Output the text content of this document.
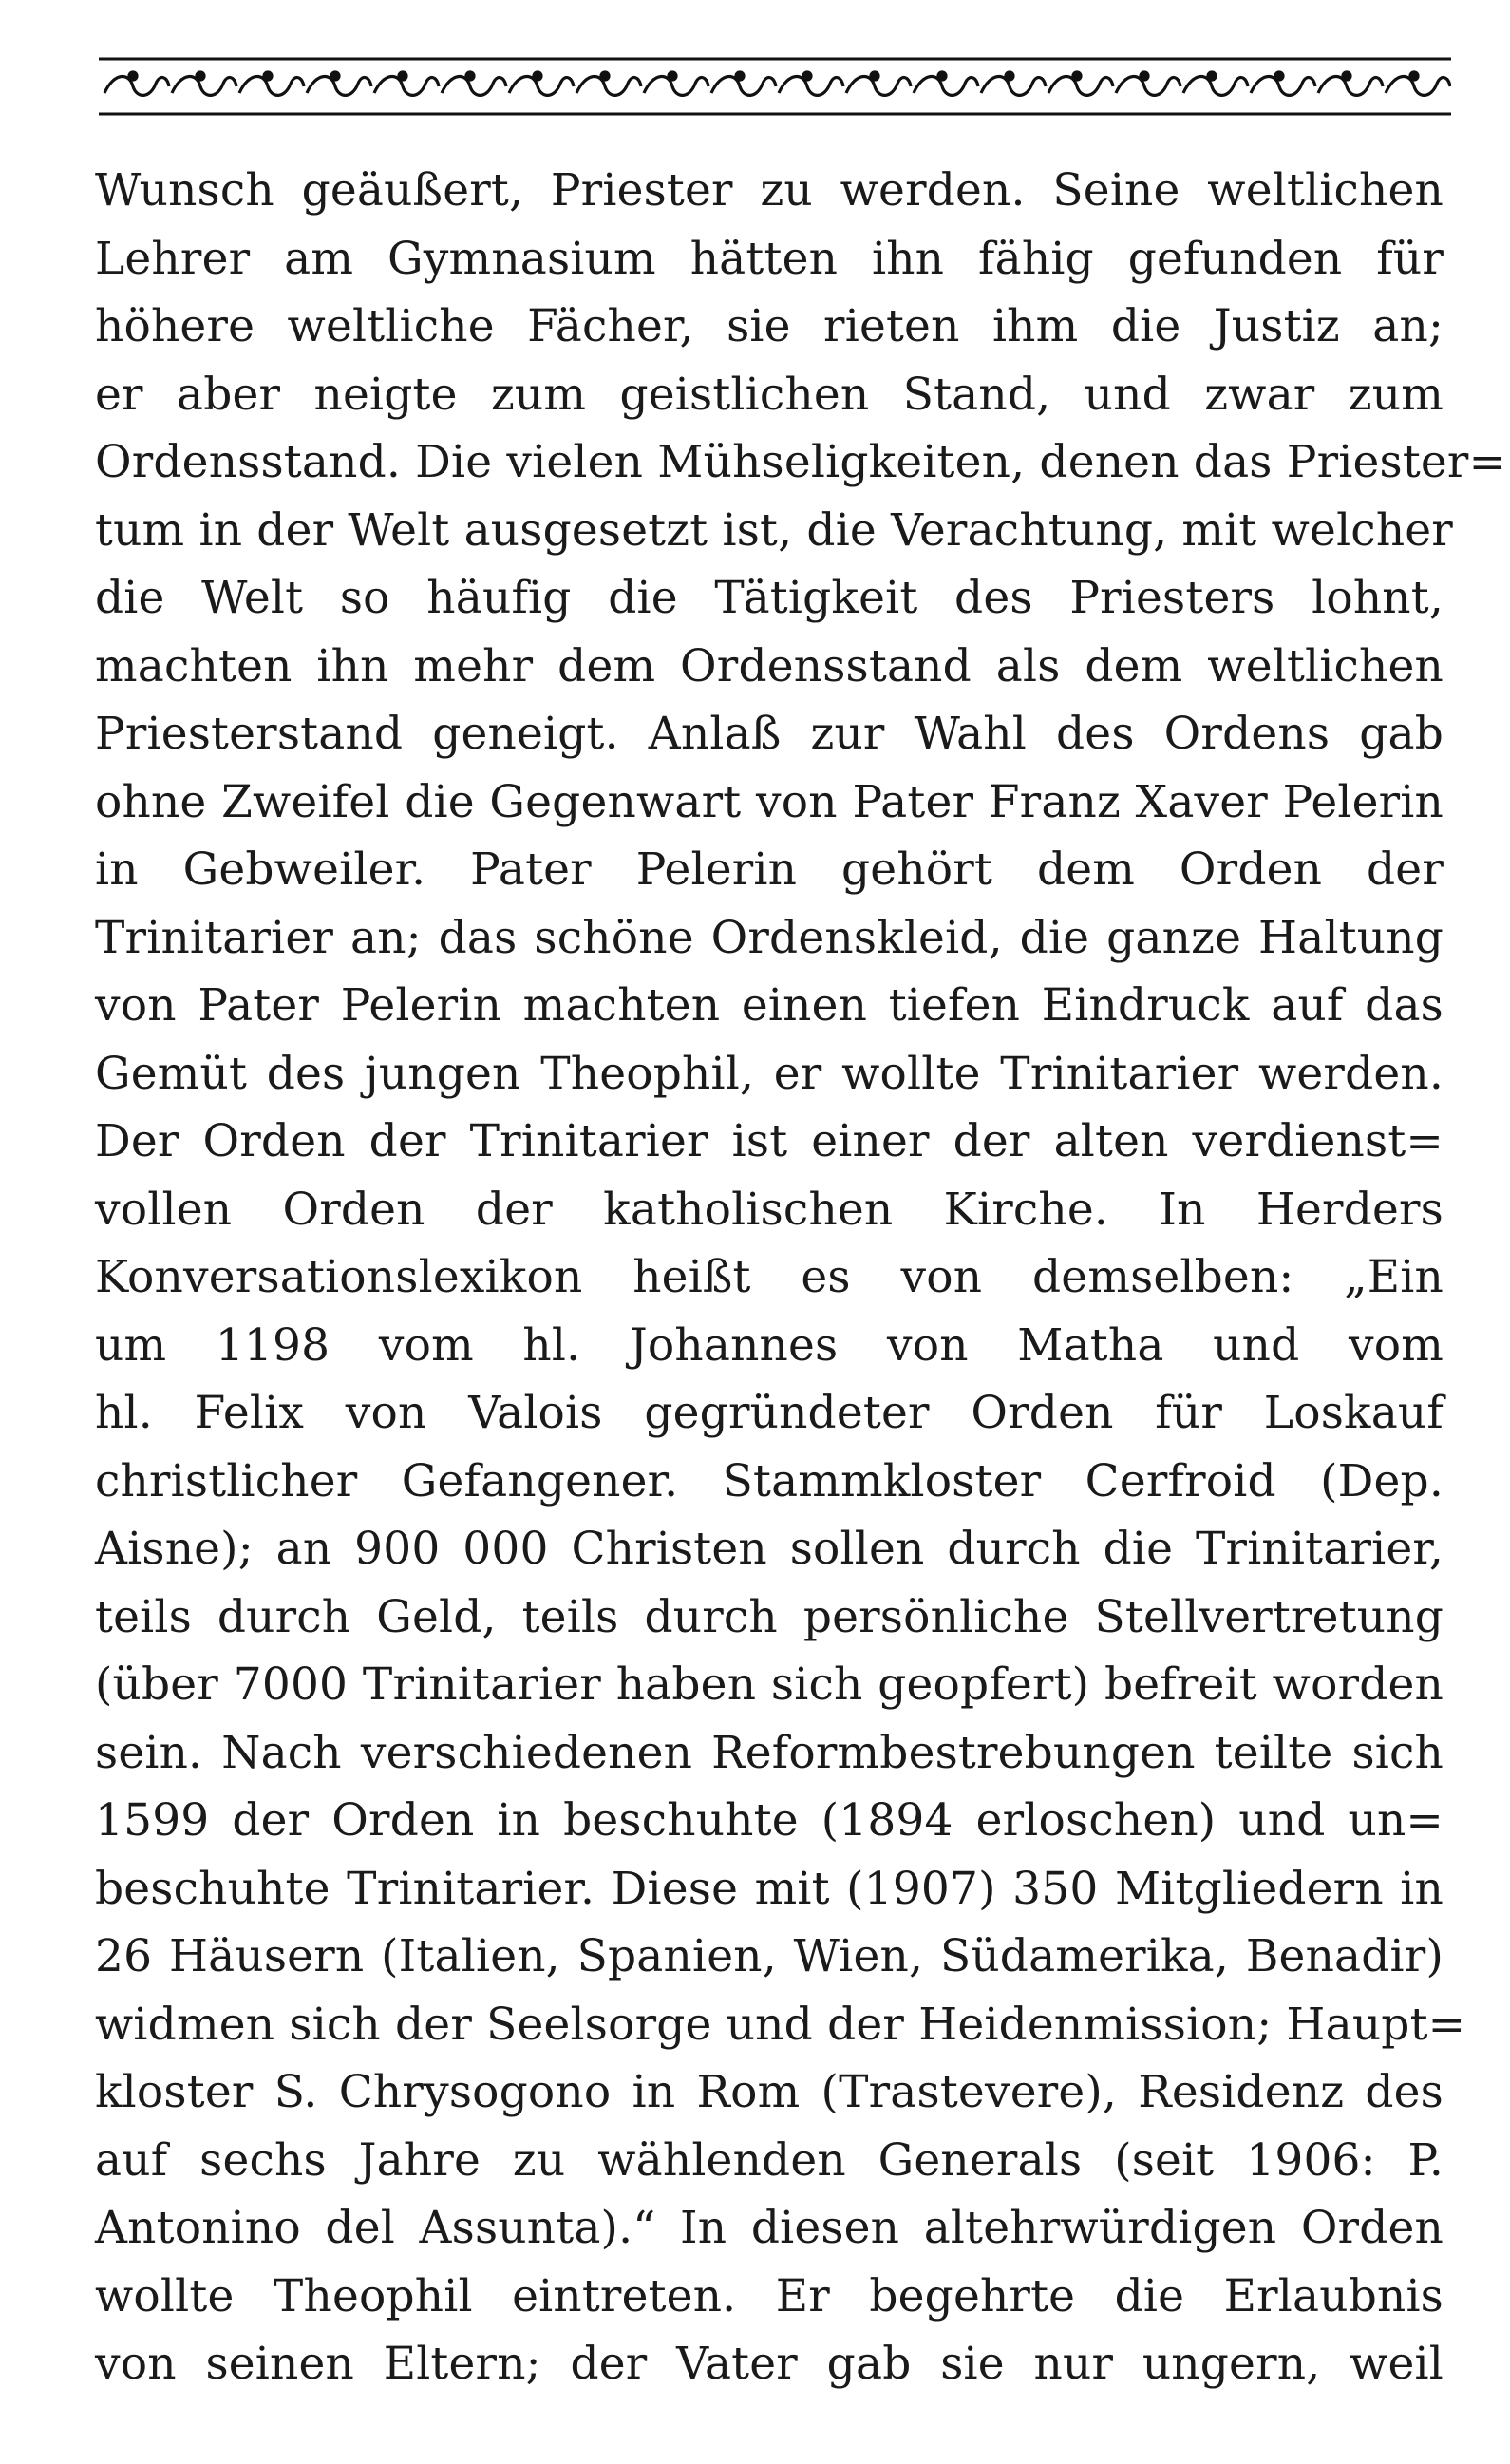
Wunsch geäußert, Priester zu werden. Seine weltlichen
Lehrer am Gymnasium hätten ihn fähig gefunden für
höhere weltliche Fächer, sie rieten ihm die Justiz an;
er aber neigte zum geistlichen Stand, und zwar zum
Ordensstand. Die vielen Mühseligkeiten, denen das Priester=
tum in der Welt ausgesetzt ist, die Verachtung, mit welcher
die Welt so häufig die Tätigkeit des Priesters lohnt,
machten ihn mehr dem Ordensstand als dem weltlichen
Priesterstand geneigt. Anlaß zur Wahl des Ordens gab
ohne Zweifel die Gegenwart von Pater Franz Xaver Pelerin
in Gebweiler. Pater Pelerin gehört dem Orden der
Trinitarier an; das schöne Ordenskleid, die ganze Haltung
von Pater Pelerin machten einen tiefen Eindruck auf das
Gemüt des jungen Theophil, er wollte Trinitarier werden.
Der Orden der Trinitarier ist einer der alten verdienst=
vollen Orden der katholischen Kirche. In Herders
Konversationslexikon heißt es von demselben: „Ein
um 1198 vom hl. Johannes von Matha und vom
hl. Felix von Valois gegründeter Orden für Loskauf
christlicher Gefangener. Stammkloster Cerfroid (Dep.
Aisne); an 900 000 Christen sollen durch die Trinitarier,
teils durch Geld, teils durch persönliche Stellvertretung
(über 7000 Trinitarier haben sich geopfert) befreit worden
sein. Nach verschiedenen Reformbestrebungen teilte sich
1599 der Orden in beschuhte (1894 erloschen) und un=
beschuhte Trinitarier. Diese mit (1907) 350 Mitgliedern in
26 Häusern (Italien, Spanien, Wien, Südamerika, Benadir)
widmen sich der Seelsorge und der Heidenmission; Haupt=
kloster S. Chrysogono in Rom (Trastevere), Residenz des
auf sechs Jahre zu wählenden Generals (seit 1906: P.
Antonino del Assunta).“ In diesen altehrwürdigen Orden
wollte Theophil eintreten. Er begehrte die Erlaubnis
von seinen Eltern; der Vater gab sie nur ungern, weil
